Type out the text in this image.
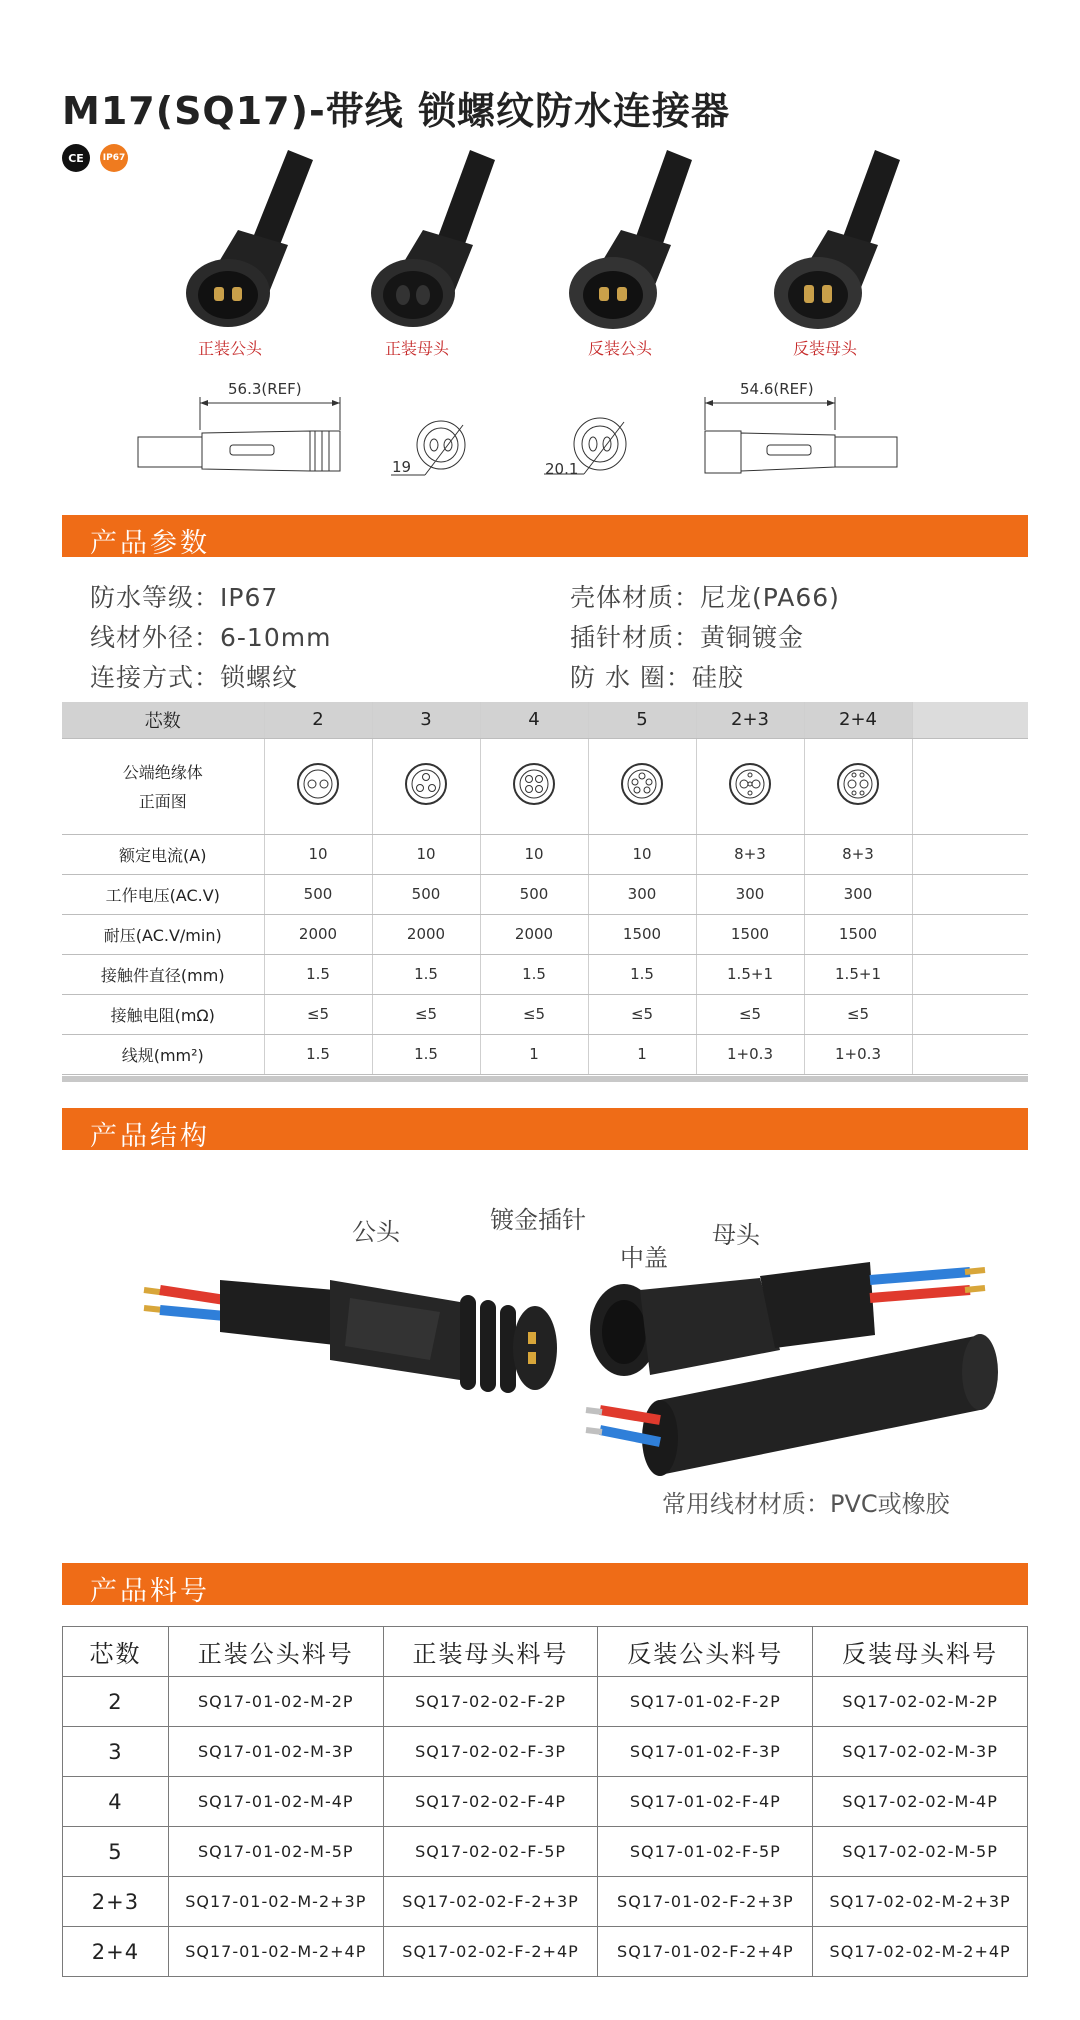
M17(SQ17)-带线 锁螺纹防水连接器
CE IP67
正装公头	正装母头	反装公头	反装母头
56.3(REF)
19	20.1
54.6(REF)
产品参数
防水等级：IP67	壳体材质：尼龙(PA66)
线材外径：6-10mm	插针材质：黄铜镀金
连接方式：锁螺纹	防 水 圈：硅胶
芯数	2	3	4	5	2+3	2+4	

公端绝缘体
正面图

额定电流(A)	10	10	10	10	8+3	8+3	
工作电压(AC.V)	500	500	500	300	300	300	
耐压(AC.V/min)	2000	2000	2000	1500	1500	1500	
接触件直径(mm)	1.5	1.5	1.5	1.5	1.5+1	1.5+1	
接触电阻(mΩ)	≤5	≤5	≤5	≤5	≤5	≤5	
线规(mm²)	1.5	1.5	1	1	1+0.3	1+0.3	
产品结构
公头	镀金插针
中盖
母头
常用线材材质：PVC或橡胶
产品料号
芯数	正装公头料号	正装母头料号	反装公头料号	反装母头料号
2	SQ17-01-02-M-2P	SQ17-02-02-F-2P	SQ17-01-02-F-2P	SQ17-02-02-M-2P
3	SQ17-01-02-M-3P	SQ17-02-02-F-3P	SQ17-01-02-F-3P	SQ17-02-02-M-3P
4	SQ17-01-02-M-4P	SQ17-02-02-F-4P	SQ17-01-02-F-4P	SQ17-02-02-M-4P
5	SQ17-01-02-M-5P	SQ17-02-02-F-5P	SQ17-01-02-F-5P	SQ17-02-02-M-5P
2+3	SQ17-01-02-M-2+3P	SQ17-02-02-F-2+3P	SQ17-01-02-F-2+3P	SQ17-02-02-M-2+3P
2+4	SQ17-01-02-M-2+4P	SQ17-02-02-F-2+4P	SQ17-01-02-F-2+4P	SQ17-02-02-M-2+4P
